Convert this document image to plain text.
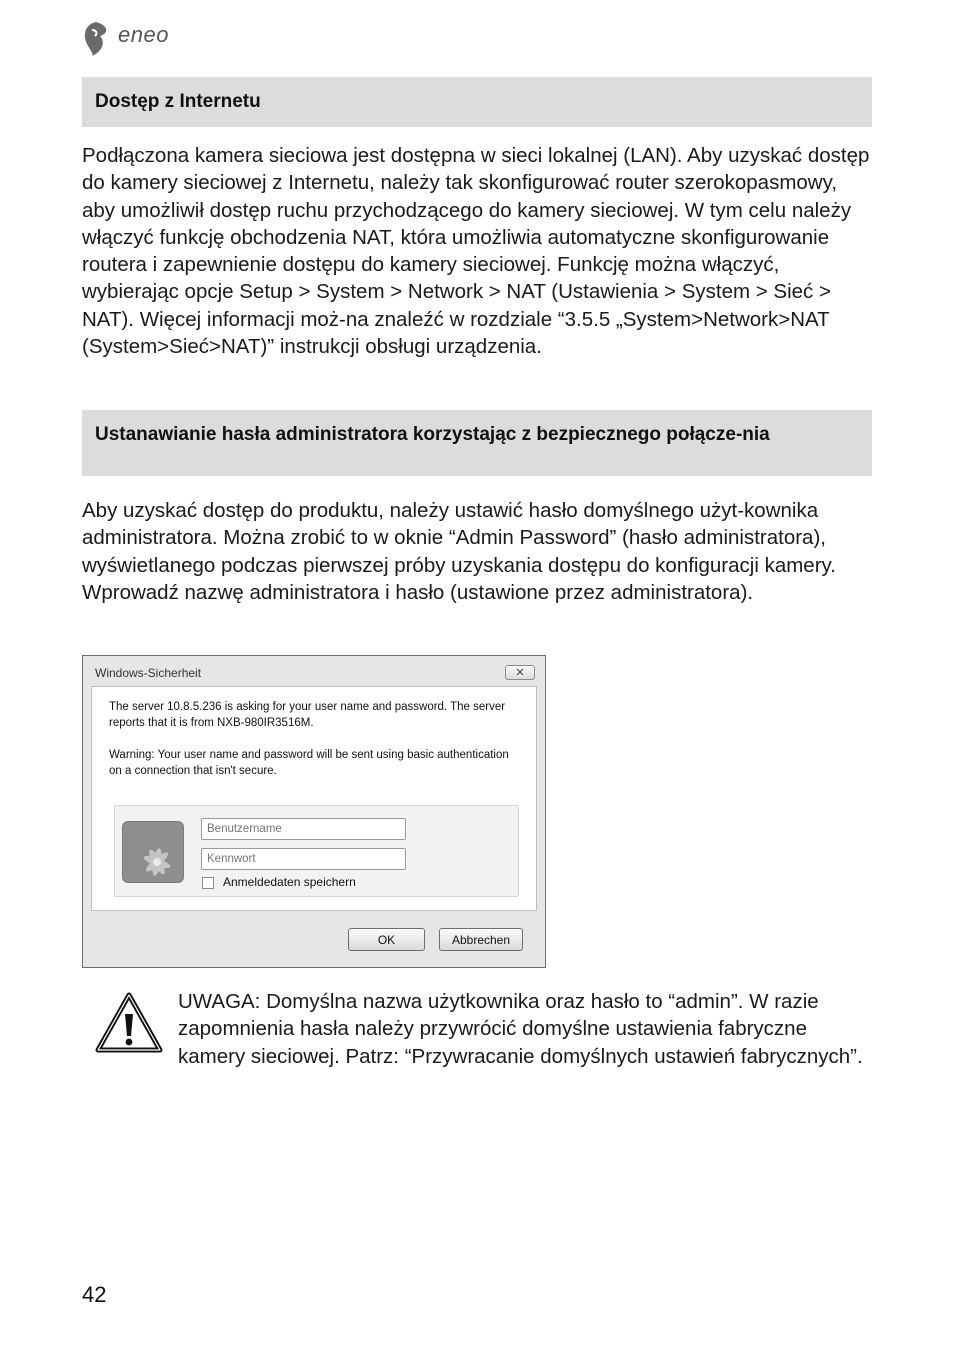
eneo
Dostęp z Internetu

Podłączona kamera sieciowa jest dostępna w sieci lokalnej (LAN). Aby uzyskać dostęp do kamery sieciowej z Internetu, należy tak skonfigurować router szerokopasmowy, aby umożliwił dostęp ruchu przychodzącego do kamery sieciowej. W tym celu należy włączyć funkcję obchodzenia NAT, która umożliwia automatyczne skonfigurowanie routera i zapewnienie dostępu do kamery sieciowej. Funkcję można włączyć, wybierając opcje Setup > System > Network > NAT (Ustawienia > System > Sieć > NAT). Więcej informacji moż-na znaleźć w rozdziale “3.5.5 „System>Network>NAT (System>Sieć>NAT)” instrukcji obsługi urządzenia.

Ustanawianie hasła administratora korzystając z bezpiecznego połącze-nia

Aby uzyskać dostęp do produktu, należy ustawić hasło domyślnego użyt-kownika administratora. Można zrobić to w oknie “Admin Password” (hasło administratora), wyświetlanego podczas pierwszej próby uzyskania dostępu do konfiguracji kamery. Wprowadź nazwę administratora i hasło (ustawione przez administratora).

Windows-Sicherheit	✕
The server 10.8.5.236 is asking for your user name and password. The server reports that it is from NXB-980IR3516M.
Warning: Your user name and password will be sent using basic authentication on a connection that isn't secure.
Benutzername
Anmeldedaten speichern
OK	Abbrechen
UWAGA: Domyślna nazwa użytkownika oraz hasło to “admin”. W razie zapomnienia hasła należy przywrócić domyślne ustawienia fabryczne kamery sieciowej. Patrz: “Przywracanie domyślnych ustawień fabrycznych”.
42
